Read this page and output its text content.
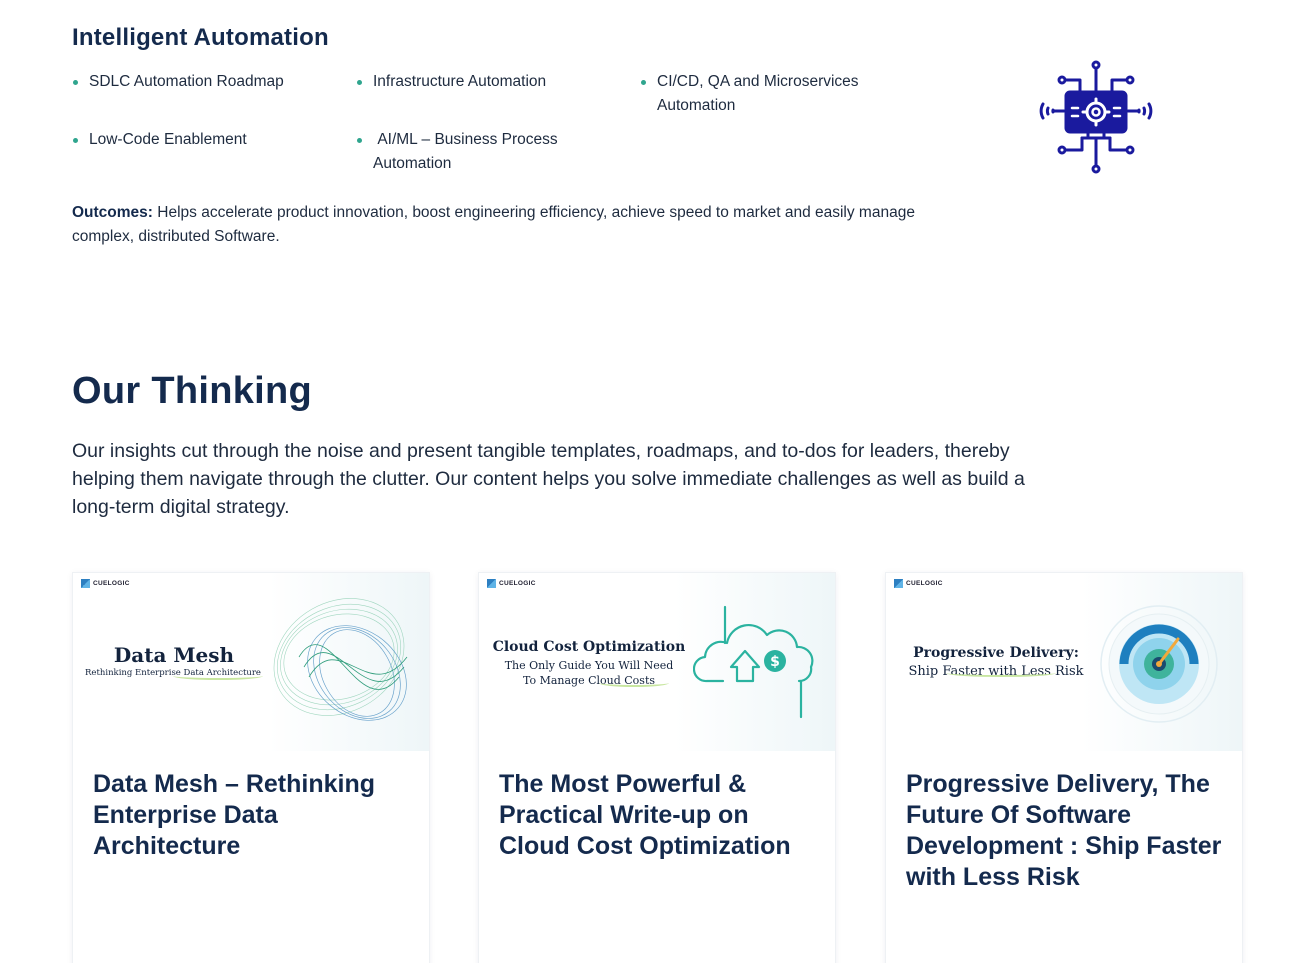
Intelligent Automation
SDLC Automation Roadmap	Infrastructure Automation	CI/CD, QA and Microservices Automation
Low-Code Enablement	AI/ML – Business Process Automation

Outcomes: Helps accelerate product innovation, boost engineering efficiency, achieve speed to market and easily manage complex, distributed Software.

Our Thinking

Our insights cut through the noise and present tangible templates, roadmaps, and to-dos for leaders, thereby helping them navigate through the clutter. Our content helps you solve immediate challenges as well as build a long-term digital strategy.

CUELOGIC
Data Mesh
Rethinking Enterprise Data Architecture
Data Mesh – Rethinking Enterprise Data Architecture
CUELOGIC
Cloud Cost Optimization
The Only Guide You Will Need
To Manage Cloud Costs
$
The Most Powerful & Practical Write-up on Cloud Cost Optimization
CUELOGIC
Progressive Delivery:
Ship Faster with Less Risk
Progressive Delivery, The Future Of Software Development : Ship Faster with Less Risk
